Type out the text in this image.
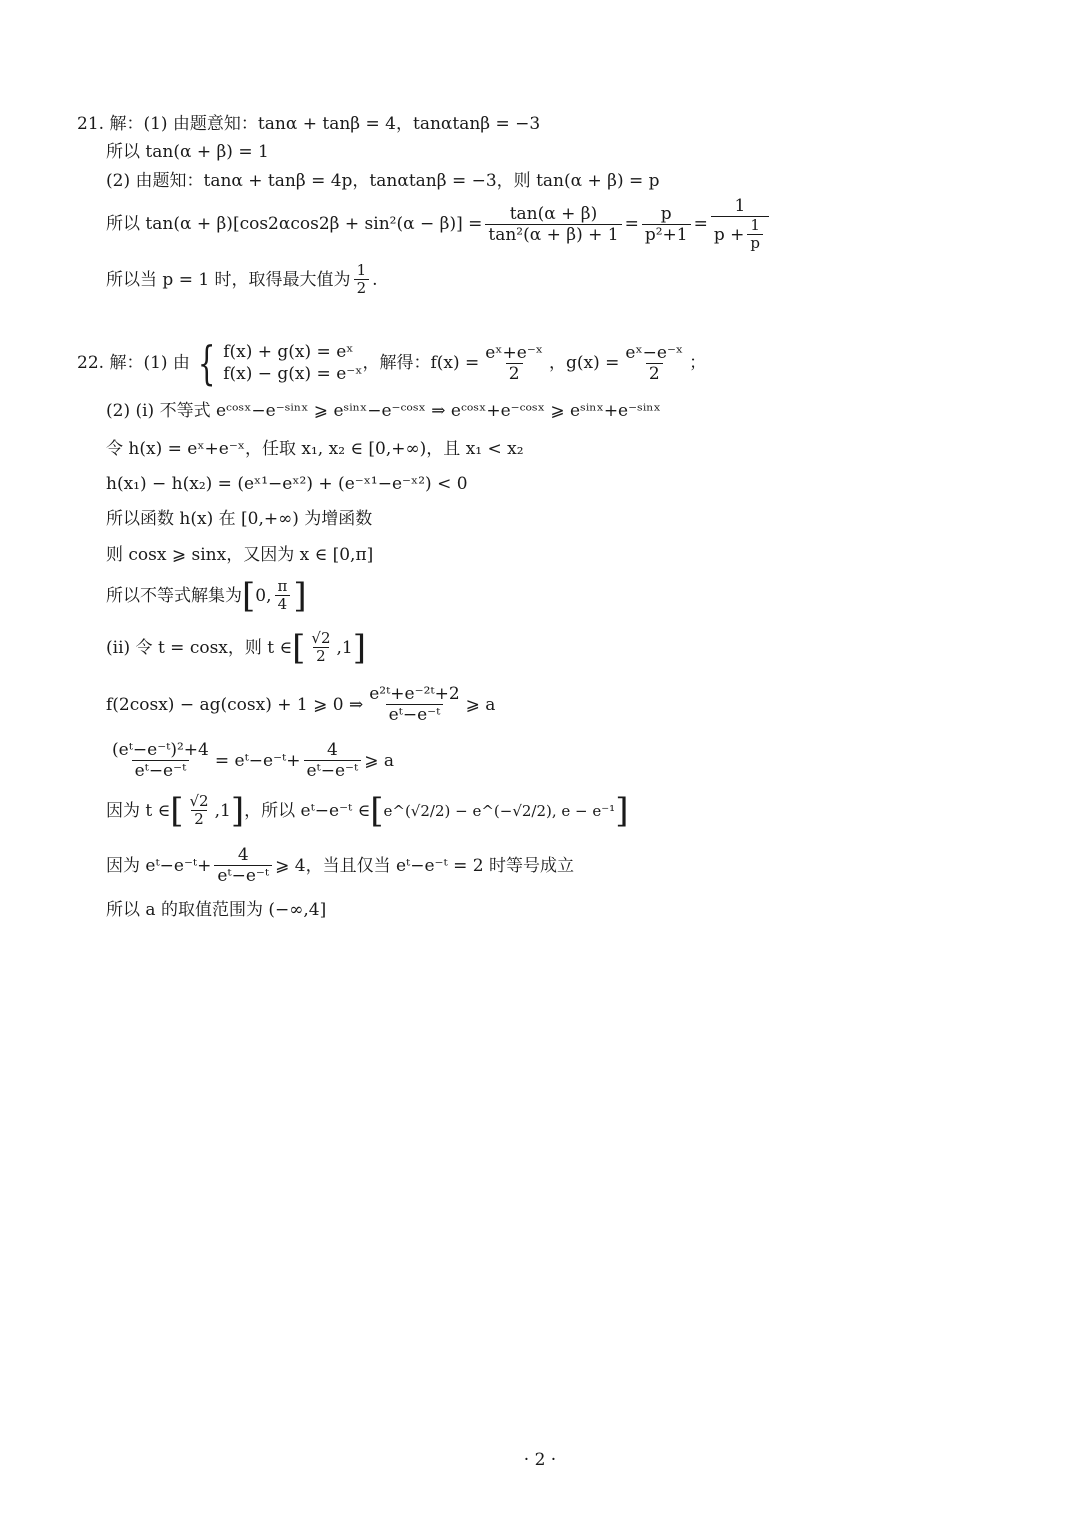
21. 解：(1) 由题意知：tanα + tanβ = 4，tanαtanβ = −3
所以 tan(α + β) = 1
(2) 由题知：tanα + tanβ = 4p，tanαtanβ = −3，则 tan(α + β) = p
所以 $\tan(\alpha + \beta)[\cos 2\alpha\cos 2\beta + \sin^2(\alpha - \beta)] = \frac{\tan(\alpha + \beta)}{\text{tan²(α + β) + 1}} = \frac{p}{\text{p²+1}} = \frac{1}{p + \frac{1}{p}}$
所以当 p = 1 时，取得最大值为 $\frac{1}{2}$ .
22. 解：(1) 由 { f(x) + g(x) = eˣ
f(x) − g(x) = e⁻ˣ
，解得：$f(x) = \frac{\text{eˣ+e⁻ˣ}}{2}$ ，$g(x) = \frac{\text{eˣ−e⁻ˣ}}{2}$ ；
(2) (i) 不等式 eᶜᵒˢˣ−e⁻ˢⁱⁿˣ ⩾ eˢⁱⁿˣ−e⁻ᶜᵒˢˣ ⇒ eᶜᵒˢˣ+e⁻ᶜᵒˢˣ ⩾ eˢⁱⁿˣ+e⁻ˢⁱⁿˣ
令 h(x) = eˣ+e⁻ˣ，任取 x₁, x₂ ∈ [0,+∞)，且 x₁ < x₂
h(x₁) − h(x₂) = (eˣ¹−eˣ²) + (e⁻ˣ¹−e⁻ˣ²) < 0
所以函数 h(x) 在 [0,+∞) 为增函数
则 cosx ⩾ sinx，又因为 x ∈ [0,π]
所以不等式解集为 [ 0, $\frac{\pi}{4}$ ]
(ii) 令 t = cosx，则 t ∈ [ $\frac{√2}{2} ,1$ ]
f(2cosx) − ag(cosx) + 1 ⩾ 0 ⇒ $\frac{\text{e²ᵗ+e⁻²ᵗ+2}}{\text{eᵗ−e⁻ᵗ}}$ ⩾ a
$\frac{\text{(eᵗ−e⁻ᵗ)²+4}}{\text{eᵗ−e⁻ᵗ}}$ = eᵗ−e⁻ᵗ+ $\frac{4}{\text{eᵗ−e⁻ᵗ}}$ ⩾ a
因为 t ∈ [ $\frac{√2}{2} ,1$ ] ，所以 eᵗ−e⁻ᵗ ∈ [ e^(√2/2) − e^(−√2/2), e − e⁻¹ ]
因为 eᵗ−e⁻ᵗ+ $\frac{4}{\text{eᵗ−e⁻ᵗ}}$ ⩾ 4，当且仅当 eᵗ−e⁻ᵗ = 2 时等号成立
所以 a 的取值范围为 (−∞,4]
· 2 ·
